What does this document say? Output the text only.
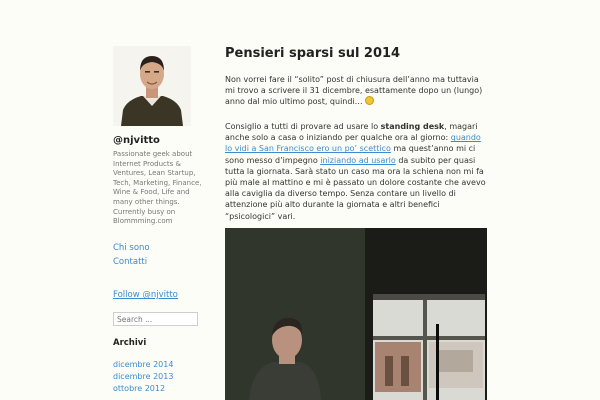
@njvitto
Passionate geek about Internet Products & Ventures, Lean Startup, Tech, Marketing, Finance, Wine & Food, Life and many other things. Currently busy on Blommming.com
Chi sono
Contatti
Follow @njvitto
Search ...
Archivi
dicembre 2014
dicembre 2013
ottobre 2012
Pensieri sparsi sul 2014

Non vorrei fare il “solito” post di chiusura dell’anno ma tuttavia mi trovo a scrivere il 31 dicembre, esattamente dopo un (lungo) anno dal mio ultimo post, quindi…

Consiglio a tutti di provare ad usare lo standing desk, magari anche solo a casa o iniziando per qualche ora al giorno: quando lo vidi a San Francisco ero un po’ scettico ma quest’anno mi ci sono messo d’impegno iniziando ad usarlo da subito per quasi tutta la giornata. Sarà stato un caso ma ora la schiena non mi fa più male al mattino e mi è passato un dolore costante che avevo alla caviglia da diverso tempo. Senza contare un livello di attenzione più alto durante la giornata e altri benefici “psicologici” vari.
